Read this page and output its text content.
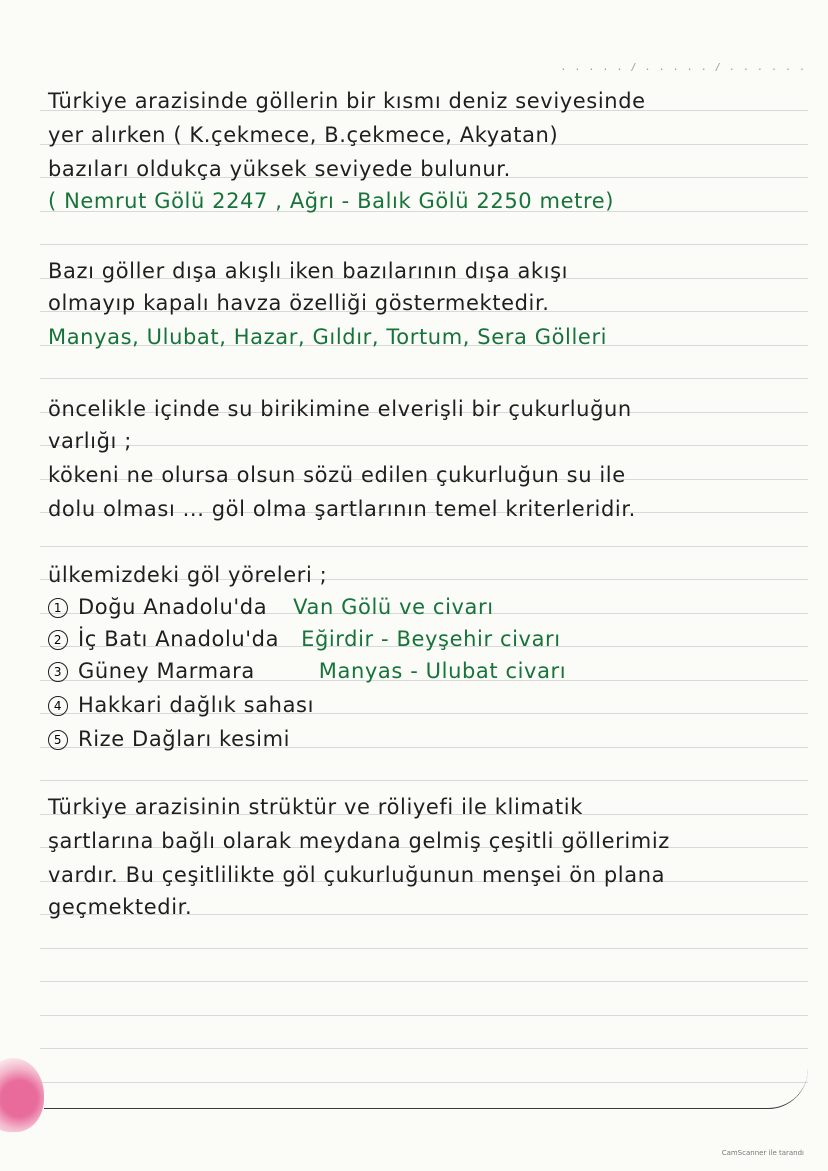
. . . . . / . . . . . / . . . . . .
Türkiye arazisinde göllerin bir kısmı deniz seviyesinde
yer alırken ( K.çekmece, B.çekmece, Akyatan)
bazıları oldukça yüksek seviyede bulunur.
( Nemrut Gölü 2247 , Ağrı - Balık Gölü 2250 metre)
Bazı göller dışa akışlı iken bazılarının dışa akışı
olmayıp kapalı havza özelliği göstermektedir.
Manyas, Ulubat, Hazar, Gıldır, Tortum, Sera Gölleri
öncelikle içinde su birikimine elverişli bir çukurluğun
varlığı ;
kökeni ne olursa olsun sözü edilen çukurluğun su ile
dolu olması ... göl olma şartlarının temel kriterleridir.
ülkemizdeki göl yöreleri ;
1 Doğu Anadolu'da Van Gölü ve civarı
2 İç Batı Anadolu'da Eğirdir - Beyşehir civarı
3 Güney Marmara	Manyas - Ulubat civarı
4 Hakkari dağlık sahası
5 Rize Dağları kesimi
Türkiye arazisinin strüktür ve röliyefi ile klimatik
şartlarına bağlı olarak meydana gelmiş çeşitli göllerimiz
vardır. Bu çeşitlilikte göl çukurluğunun menşei ön plana
geçmektedir.
CamScanner ile tarandı
